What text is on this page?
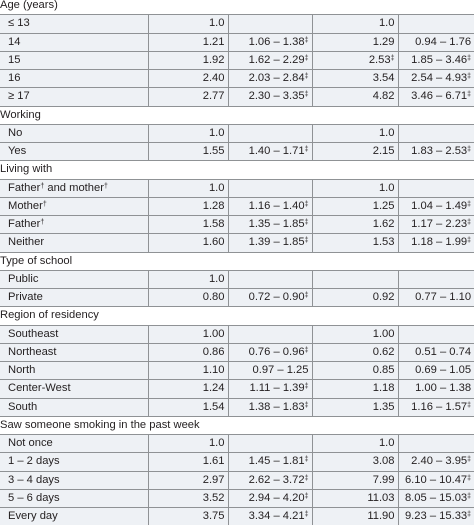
Age (years)				
≤ 13	1.0		1.0	
14	1.21	1.06 – 1.38‡	1.29	0.94 – 1.76
15	1.92	1.62 – 2.29‡	2.53‡	1.85 – 3.46‡
16	2.40	2.03 – 2.84‡	3.54	2.54 – 4.93‡
≥ 17	2.77	2.30 – 3.35‡	4.82	3.46 – 6.71‡
Working				
No	1.0		1.0	
Yes	1.55	1.40 – 1.71‡	2.15	1.83 – 2.53‡
Living with				
Father† and mother†	1.0		1.0	
Mother†	1.28	1.16 – 1.40‡	1.25	1.04 – 1.49‡
Father†	1.58	1.35 – 1.85‡	1.62	1.17 – 2.23‡
Neither	1.60	1.39 – 1.85‡	1.53	1.18 – 1.99‡
Type of school				
Public	1.0			
Private	0.80	0.72 – 0.90‡	0.92	0.77 – 1.10
Region of residency				
Southeast	1.00		1.00	
Northeast	0.86	0.76 – 0.96‡	0.62	0.51 – 0.74
North	1.10	0.97 – 1.25	0.85	0.69 – 1.05
Center-West	1.24	1.11 – 1.39‡	1.18	1.00 – 1.38
South	1.54	1.38 – 1.83‡	1.35	1.16 – 1.57‡
Saw someone smoking in the past week				
Not once	1.0		1.0	
1 – 2 days	1.61	1.45 – 1.81‡	3.08	2.40 – 3.95‡
3 – 4 days	2.97	2.62 – 3.72‡	7.99	6.10 – 10.47‡
5 – 6 days	3.52	2.94 – 4.20‡	11.03	8.05 – 15.03‡
Every day	3.75	3.34 – 4.21‡	11.90	9.23 – 15.33‡
